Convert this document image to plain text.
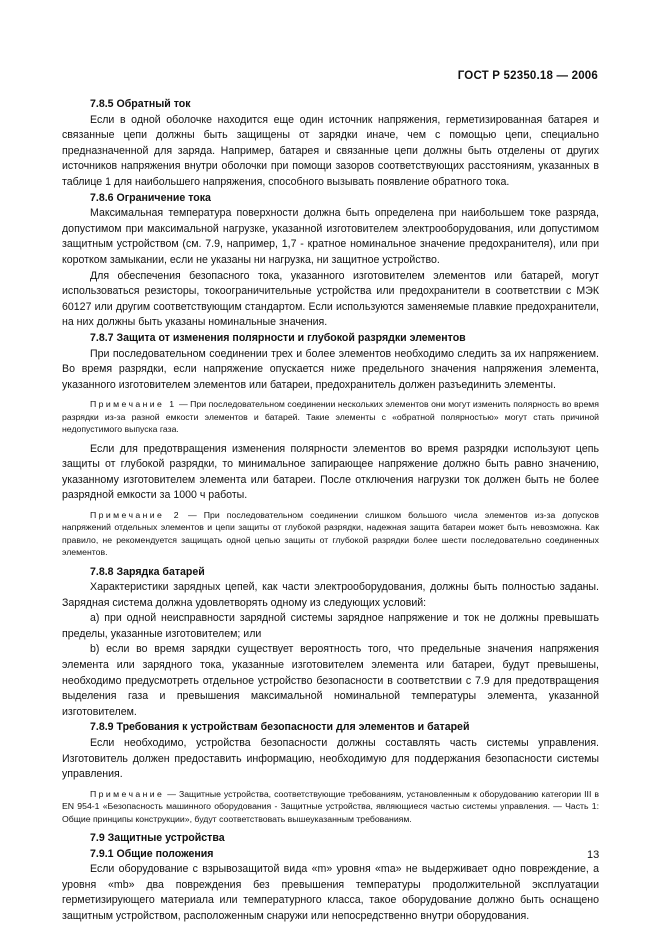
ГОСТ Р 52350.18 — 2006

7.8.5 Обратный ток

Если в одной оболочке находится еще один источник напряжения, герметизированная батарея и связанные цепи должны быть защищены от зарядки иначе, чем с помощью цепи, специально предназначенной для заряда. Например, батарея и связанные цепи должны быть отделены от других источников напряжения внутри оболочки при помощи зазоров соответствующих расстояниям, указанных в таблице 1 для наибольшего напряжения, способного вызывать появление обратного тока.

7.8.6 Ограничение тока

Максимальная температура поверхности должна быть определена при наибольшем токе разряда, допустимом при максимальной нагрузке, указанной изготовителем электрооборудования, или допустимом защитным устройством (см. 7.9, например, 1,7 - кратное номинальное значение предохранителя), или при коротком замыкании, если не указаны ни нагрузка, ни защитное устройство.

Для обеспечения безопасного тока, указанного изготовителем элементов или батарей, могут использоваться резисторы, токоограничительные устройства или предохранители в соответствии с МЭК 60127 или другим соответствующим стандартом. Если используются заменяемые плавкие предохранители, на них должны быть указаны номинальные значения.

7.8.7 Защита от изменения полярности и глубокой разрядки элементов

При последовательном соединении трех и более элементов необходимо следить за их напряжением. Во время разрядки, если напряжение опускается ниже предельного значения напряжения элемента, указанного изготовителем элементов или батареи, предохранитель должен разъединить элементы.

Примечание 1 — При последовательном соединении нескольких элементов они могут изменить полярность во время разрядки из-за разной емкости элементов и батарей. Такие элементы с «обратной полярностью» могут стать причиной недопустимого выпуска газа.

Если для предотвращения изменения полярности элементов во время разрядки используют цепь защиты от глубокой разрядки, то минимальное запирающее напряжение должно быть равно значению, указанному изготовителем элемента или батареи. После отключения нагрузки ток должен быть не более разрядной емкости за 1000 ч работы.

Примечание 2 — При последовательном соединении слишком большого числа элементов из-за допусков напряжений отдельных элементов и цепи защиты от глубокой разрядки, надежная защита батареи может быть невозможна. Как правило, не рекомендуется защищать одной цепью защиты от глубокой разрядки более шести последовательно соединенных элементов.

7.8.8 Зарядка батарей

Характеристики зарядных цепей, как части электрооборудования, должны быть полностью заданы. Зарядная система должна удовлетворять одному из следующих условий:

а) при одной неисправности зарядной системы зарядное напряжение и ток не должны превышать пределы, указанные изготовителем; или

b) если во время зарядки существует вероятность того, что предельные значения напряжения элемента или зарядного тока, указанные изготовителем элемента или батареи, будут превышены, необходимо предусмотреть отдельное устройство безопасности в соответствии с 7.9 для предотвращения выделения газа и превышения максимальной номинальной температуры элемента, указанной изготовителем.

7.8.9 Требования к устройствам безопасности для элементов и батарей

Если необходимо, устройства безопасности должны составлять часть системы управления. Изготовитель должен предоставить информацию, необходимую для поддержания безопасности системы управления.

Примечание — Защитные устройства, соответствующие требованиям, установленным к оборудованию категории III в EN 954-1 «Безопасность машинного оборудования - Защитные устройства, являющиеся частью системы управления. — Часть 1: Общие принципы конструкции», будут соответствовать вышеуказанным требованиям.

7.9 Защитные устройства

7.9.1 Общие положения

Если оборудование с взрывозащитой вида «m» уровня «ma» не выдерживает одно повреждение, а уровня «mb» два повреждения без превышения температуры продолжительной эксплуатации герметизирующего материала или температурного класса, такое оборудование должно быть оснащено защитным устройством, расположенным снаружи или непосредственно внутри оборудования.

13
